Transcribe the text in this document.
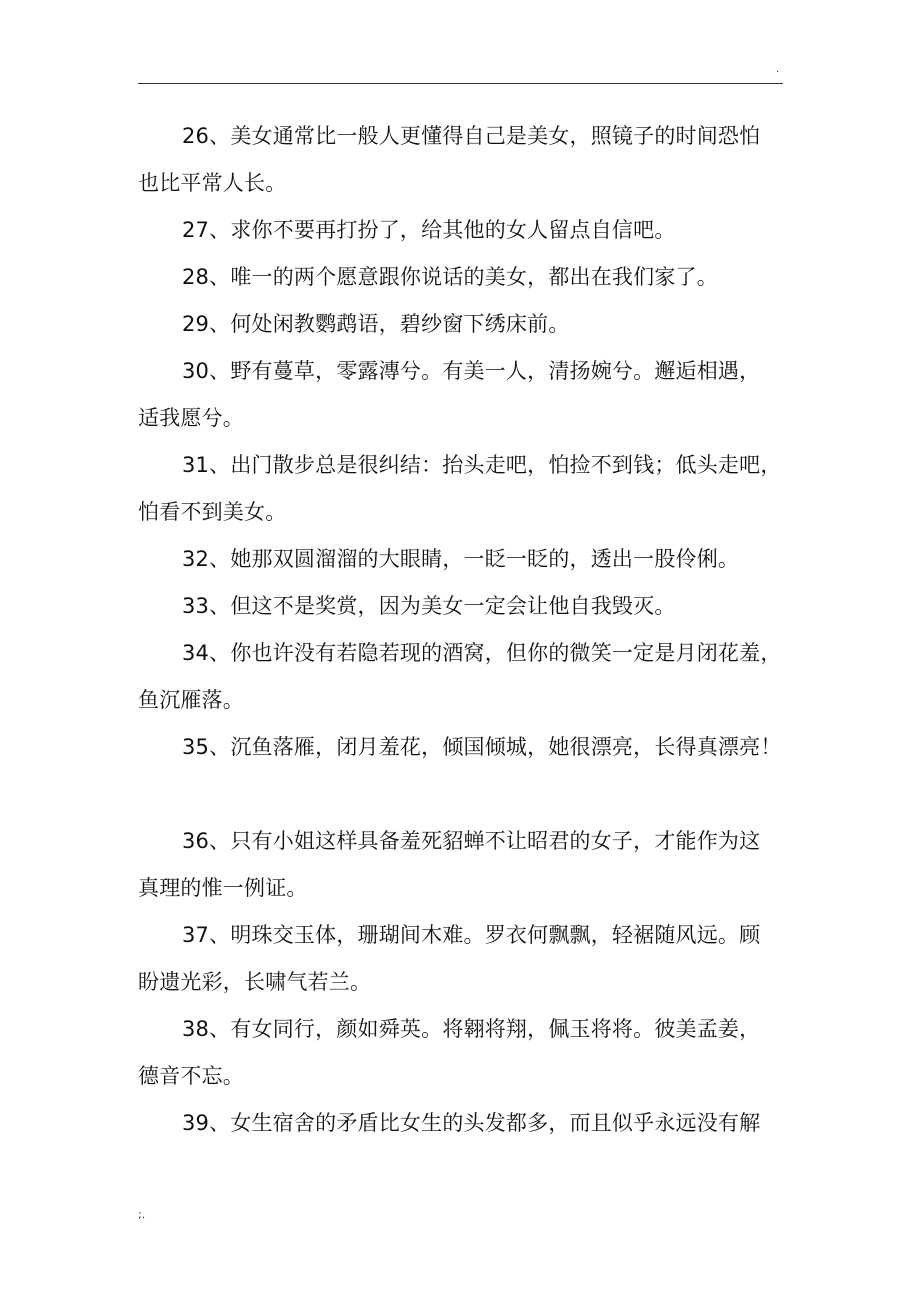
.

26、美女通常比一般人更懂得自己是美女，照镜子的时间恐怕
也比平常人长。

27、求你不要再打扮了，给其他的女人留点自信吧。

28、唯一的两个愿意跟你说话的美女，都出在我们家了。

29、何处闲教鹦鹉语，碧纱窗下绣床前。

30、野有蔓草，零露漙兮。有美一人，清扬婉兮。邂逅相遇，
适我愿兮。

31、出门散步总是很纠结：抬头走吧，怕捡不到钱；低头走吧，
怕看不到美女。

32、她那双圆溜溜的大眼睛，一眨一眨的，透出一股伶俐。

33、但这不是奖赏，因为美女一定会让他自我毁灭。

34、你也许没有若隐若现的酒窝，但你的微笑一定是月闭花羞，
鱼沉雁落。

35、沉鱼落雁，闭月羞花，倾国倾城，她很漂亮，长得真漂亮！

36、只有小姐这样具备羞死貂蝉不让昭君的女子，才能作为这
真理的惟一例证。

37、明珠交玉体，珊瑚间木难。罗衣何飘飘，轻裾随风远。顾
盼遗光彩，长啸气若兰。

38、有女同行，颜如舜英。将翱将翔，佩玉将将。彼美孟姜，
德音不忘。

39、女生宿舍的矛盾比女生的头发都多，而且似乎永远没有解

;.
